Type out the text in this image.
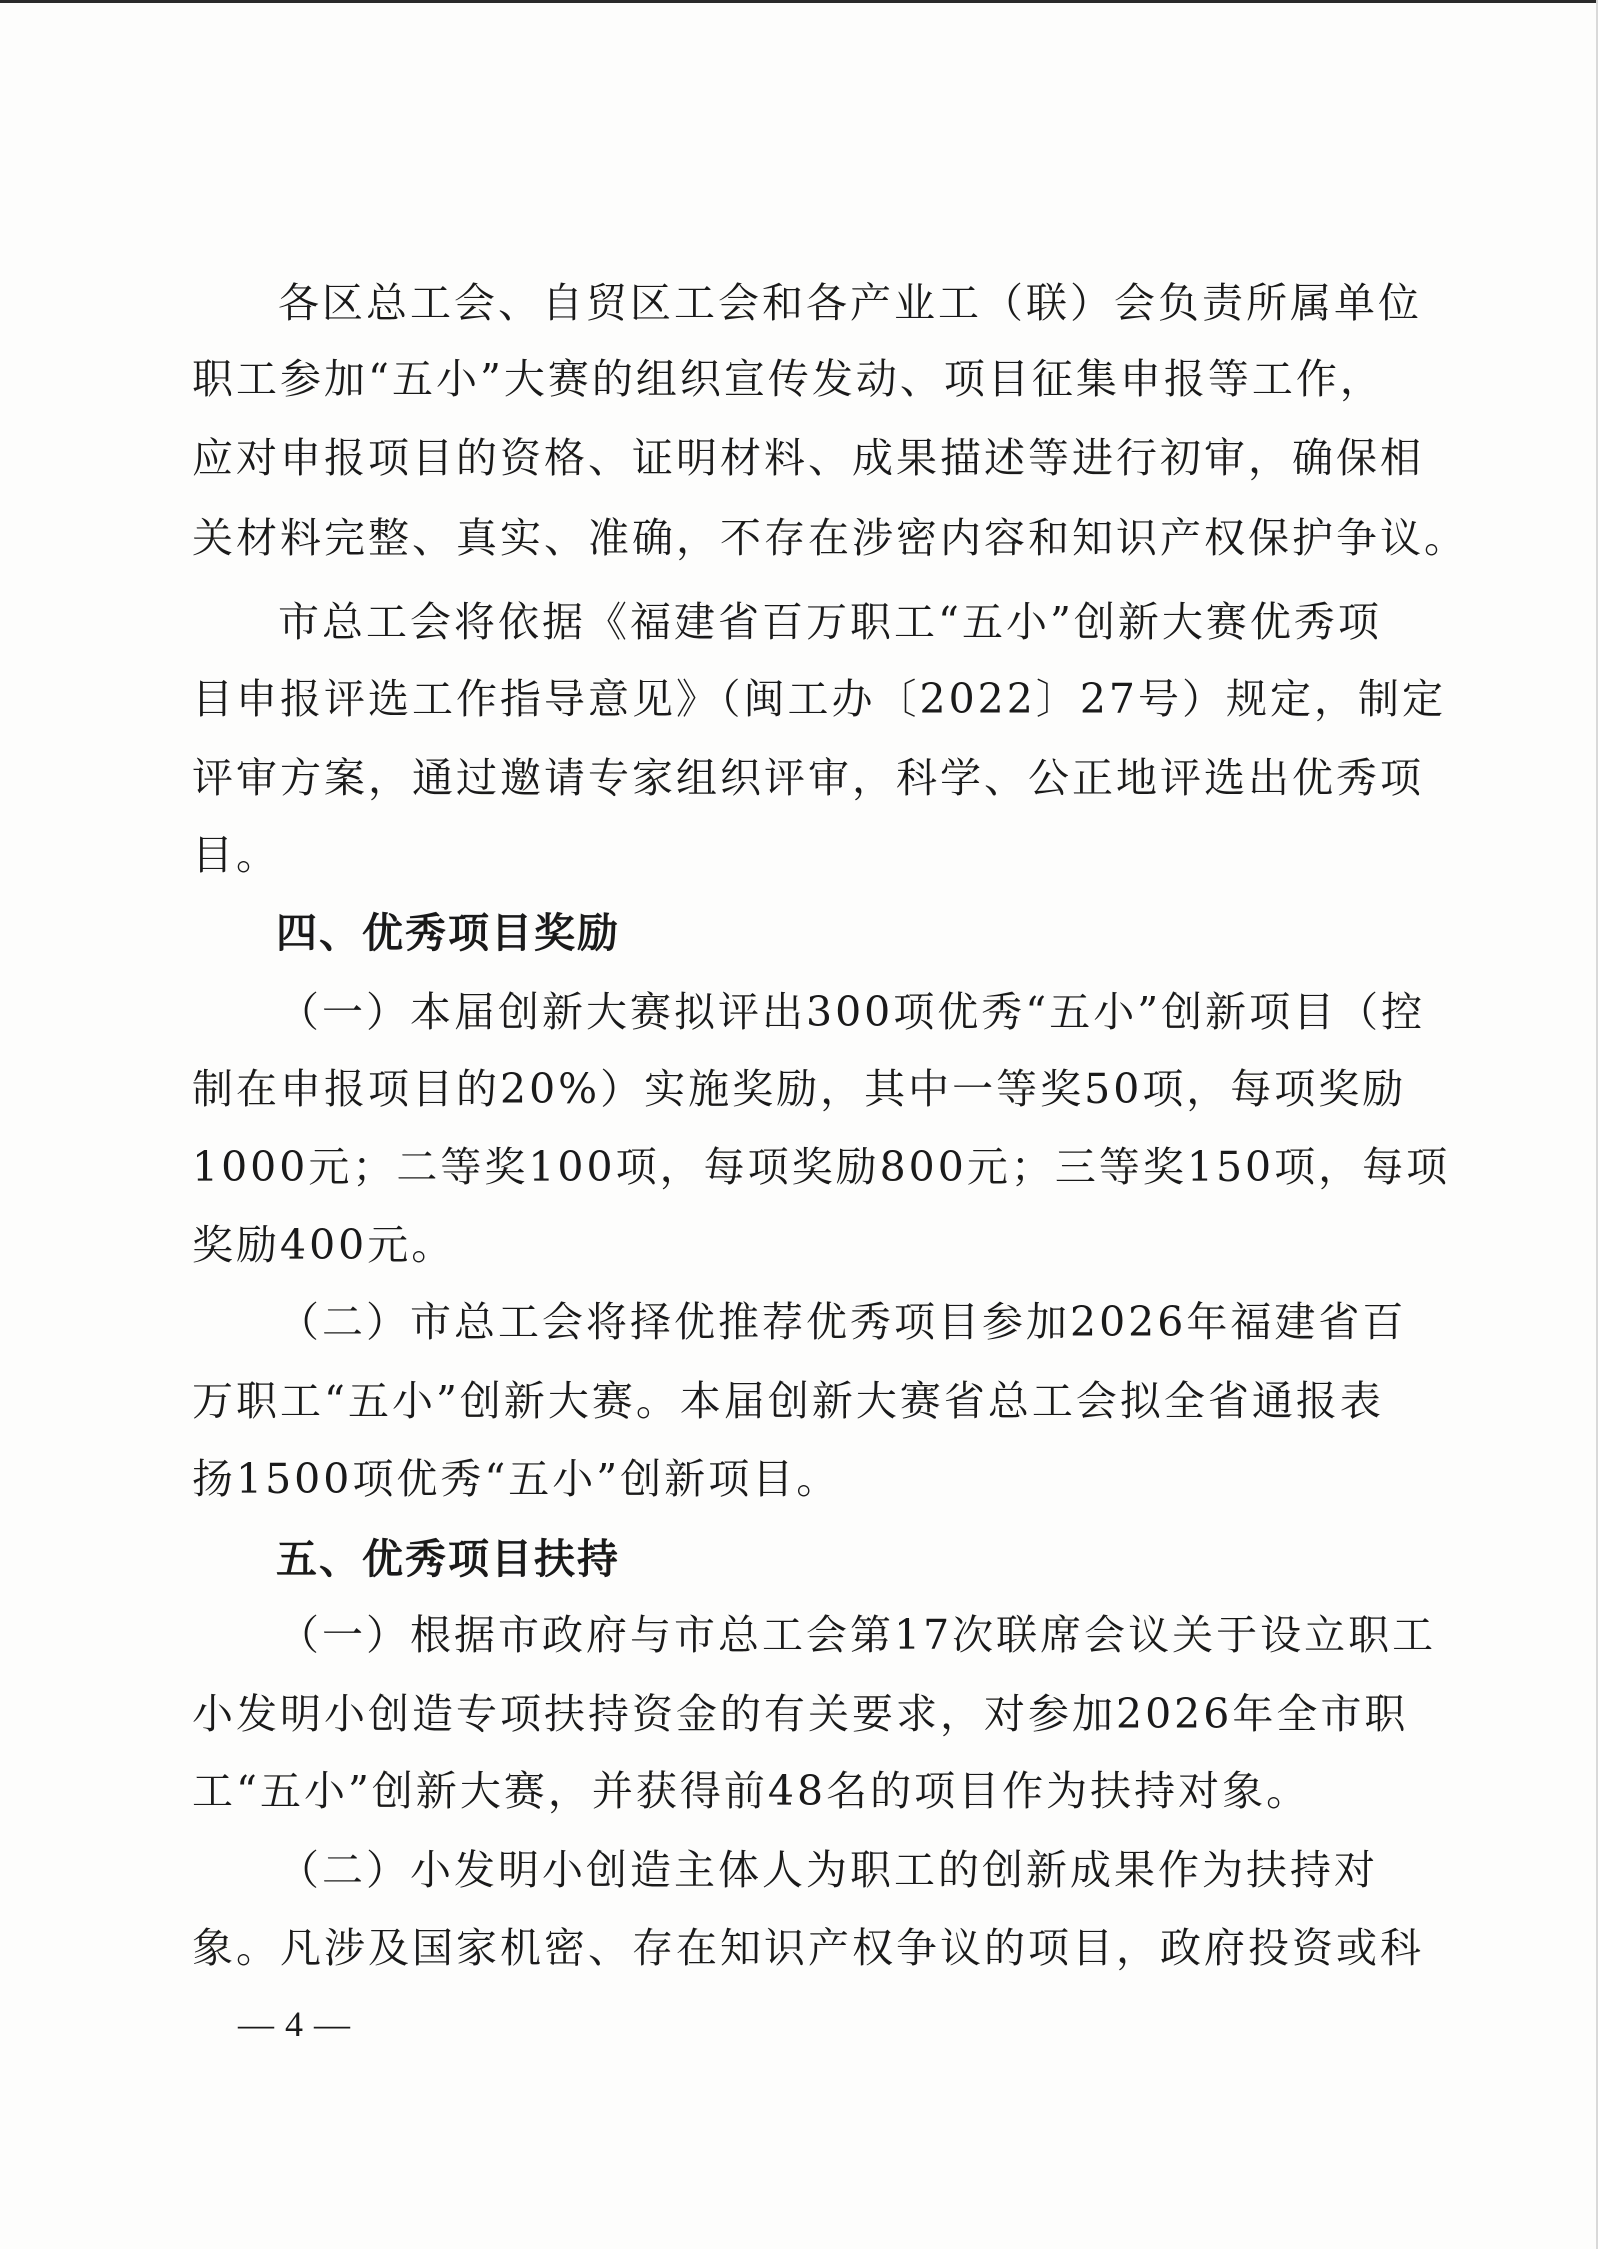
各区总工会、自贸区工会和各产业工（联）会负责所属单位
职工参加“五小”大赛的组织宣传发动、项目征集申报等工作，
应对申报项目的资格、证明材料、成果描述等进行初审，确保相
关材料完整、真实、准确，不存在涉密内容和知识产权保护争议。
市总工会将依据《福建省百万职工“五小”创新大赛优秀项
目申报评选工作指导意见》（闽工办〔2022〕27号）规定，制定
评审方案，通过邀请专家组织评审，科学、公正地评选出优秀项
目。
四、优秀项目奖励
（一）本届创新大赛拟评出300项优秀“五小”创新项目（控
制在申报项目的20%）实施奖励，其中一等奖50项，每项奖励
1000元；二等奖100项，每项奖励800元；三等奖150项，每项
奖励400元。
（二）市总工会将择优推荐优秀项目参加2026年福建省百
万职工“五小”创新大赛。本届创新大赛省总工会拟全省通报表
扬1500项优秀“五小”创新项目。
五、优秀项目扶持
（一）根据市政府与市总工会第17次联席会议关于设立职工
小发明小创造专项扶持资金的有关要求，对参加2026年全市职
工“五小”创新大赛，并获得前48名的项目作为扶持对象。
（二）小发明小创造主体人为职工的创新成果作为扶持对
象。凡涉及国家机密、存在知识产权争议的项目，政府投资或科
— 4 —
